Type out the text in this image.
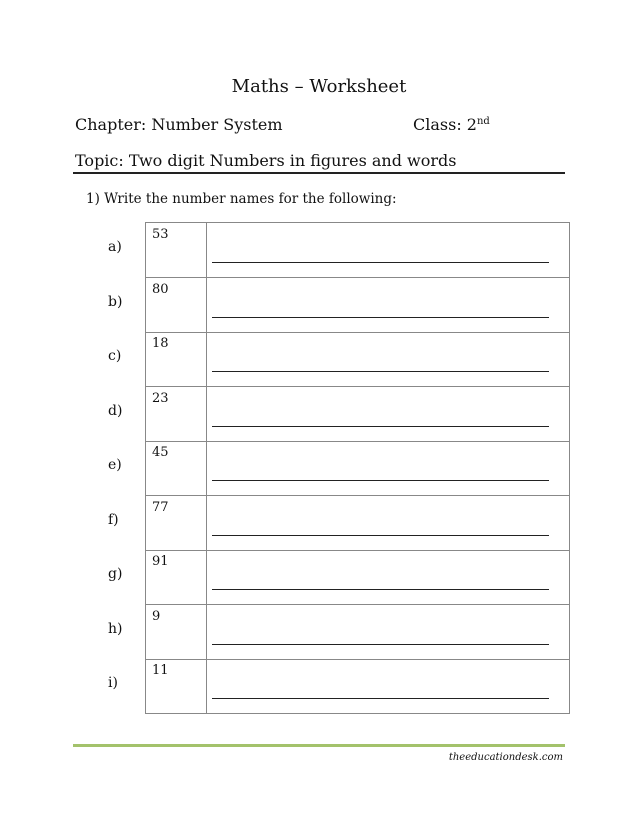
Maths – Worksheet
Chapter: Number System	Class: 2nd
Topic: Two digit Numbers in figures and words
1) Write the number names for the following:
a)
53
b)
80
c)
18
d)
23
e)
45
f)
77
g)
91
h)
9
i)
11
theeducationdesk.com
